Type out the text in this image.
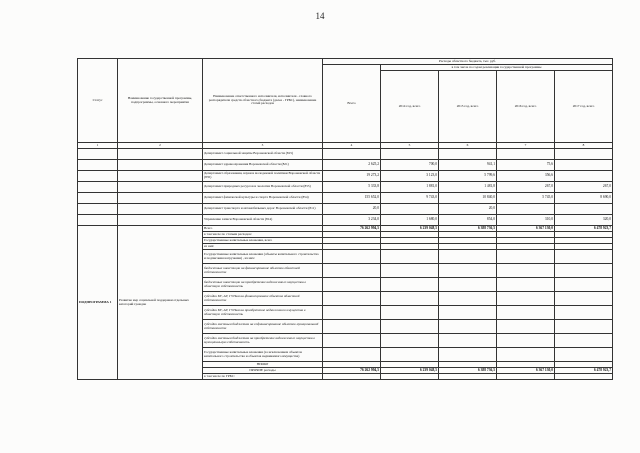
14
Статус	Наименование государственной программы, подпрограммы, основного мероприятия	Наименование ответственного исполнителя, исполнителя - главного распорядителя средств областного бюджета (далее - ГРБС), наименование статей расходов	Расходы областного бюджета, тыс. руб.				
			Всего	в том числе по годам реализации государственной программы			
				2014 год, всего	2015 год, всего	2016 год, всего	2017 год, всего
1	2	3	4	5	6	7	8
		Департамент социальной защиты Воронежской области (815)					
		Департамент здравоохранения Воронежской области (821)	2 625,2	700,0	941,1	75,6	
		Департамент образования, науки и молодежной политики Воронежской области (835)	19 273,2	3 123,0	5 799,6	356,6	
		Департамент природных ресурсов и экологии Воронежской области (855)	5 333,8	1 881,0	1 481,8	267,0	267,0
		Департамент физической культуры и спорта Воронежской области (854)	155 652,0	9 743,0	10 840,0	5 745,0	8 690,0
		Департамент транспорта и автомобильных дорог Воронежской области (811)	20,0		20,0		
		Управление записи Воронежской области (814)	3 234,0	1 680,0	854,0	310,0	320,0
ПОДПРОГРАММА 1	Развитие мер социальной поддержки отдельных категорий граждан	Всего	76 262 994,5	6 239 048,5	6 388 736,5	6 367 130,0	6 478 923,7
		в том числе по статьям расходов:					
		Государственные капитальные вложения, всего					
		из них:					
		Государственные капитальные вложения (объекты капитального строительства и подписания нагрузками) , из них:					
		бюджетные инвестиции на финансирование объектов областной собственности					
		бюджетные инвестиции на приобретение недвижимого имущества в областную собственность					
		субсидии БУ, АУ, ГУПам на финансирование объектов областной собственности					
		субсидии БУ, АУ, ГУПам на приобретение недвижимого имущества в областную собственность					
		субсидии местным бюджетам на софинансирование объектов муниципальной собственности					
		субсидии местным бюджетам на приобретение недвижимого имущества в муниципальную собственность					
		Государственные капитальные вложения (за исключением объектов капитального строительства и объектов недвижимого имущества)					
		НИОКР					
		ПРОЧИЕ расходы	76 262 994,5	6 239 048,5	6 388 736,5	6 367 130,0	6 478 923,7
		в том числе по ГРБС:					
